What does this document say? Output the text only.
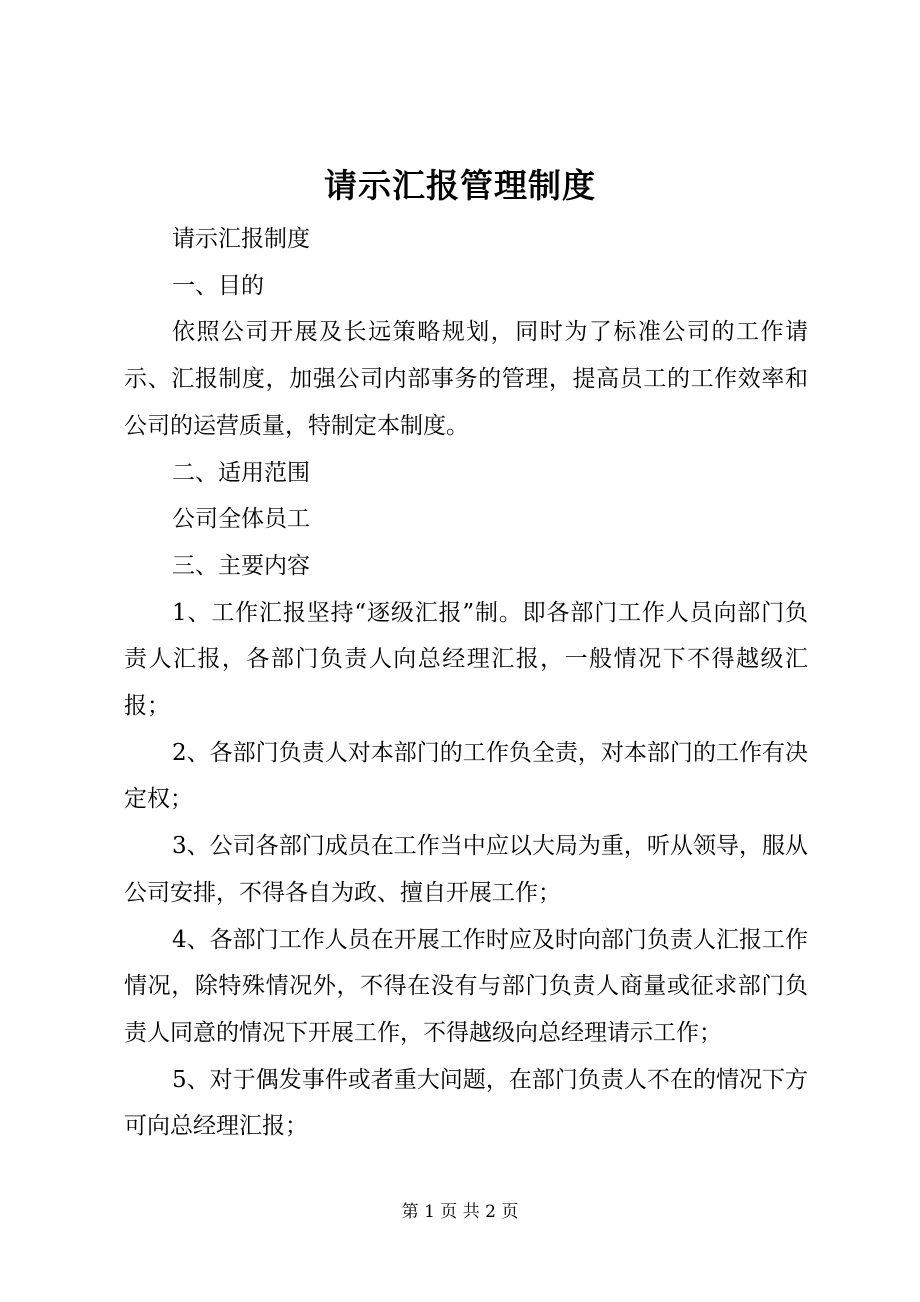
请示汇报管理制度

请示汇报制度

一、目的

依照公司开展及长远策略规划，同时为了标准公司的工作请示、汇报制度，加强公司内部事务的管理，提高员工的工作效率和公司的运营质量，特制定本制度。

二、适用范围

公司全体员工

三、主要内容

1、工作汇报坚持“逐级汇报”制。即各部门工作人员向部门负责人汇报，各部门负责人向总经理汇报，一般情况下不得越级汇报；

2、各部门负责人对本部门的工作负全责，对本部门的工作有决定权；

3、公司各部门成员在工作当中应以大局为重，听从领导，服从公司安排，不得各自为政、擅自开展工作；

4、各部门工作人员在开展工作时应及时向部门负责人汇报工作情况，除特殊情况外，不得在没有与部门负责人商量或征求部门负责人同意的情况下开展工作，不得越级向总经理请示工作；

5、对于偶发事件或者重大问题，在部门负责人不在的情况下方可向总经理汇报；

第 1 页 共 2 页
